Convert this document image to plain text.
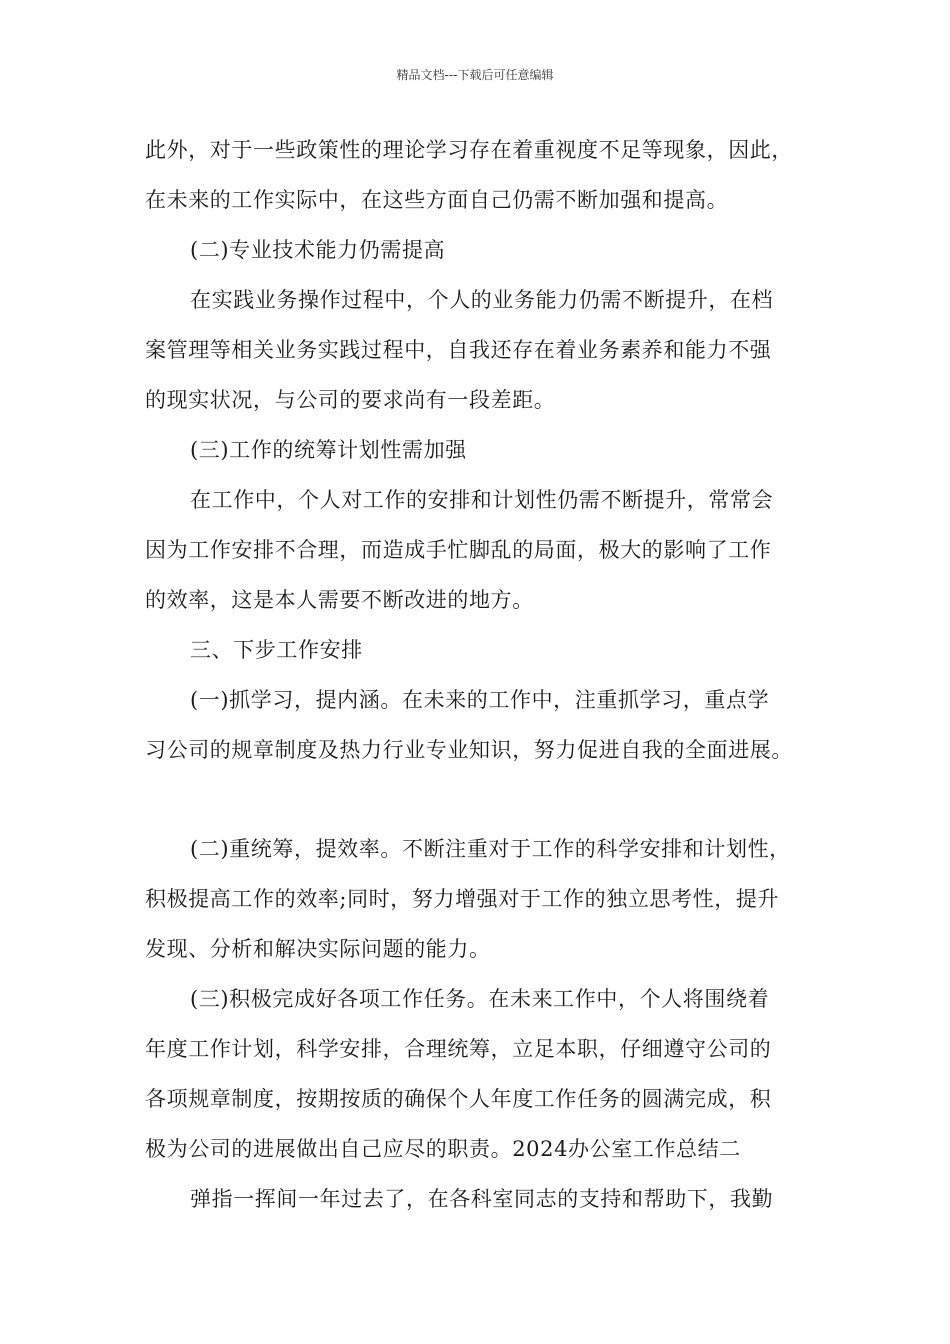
精品文档---下载后可任意编辑
此外，对于一些政策性的理论学习存在着重视度不足等现象，因此，
在未来的工作实际中，在这些方面自己仍需不断加强和提高。
(二)专业技术能力仍需提高
在实践业务操作过程中，个人的业务能力仍需不断提升，在档
案管理等相关业务实践过程中，自我还存在着业务素养和能力不强
的现实状况，与公司的要求尚有一段差距。
(三)工作的统筹计划性需加强
在工作中，个人对工作的安排和计划性仍需不断提升，常常会
因为工作安排不合理，而造成手忙脚乱的局面，极大的影响了工作
的效率，这是本人需要不断改进的地方。
三、下步工作安排
(一)抓学习，提内涵。在未来的工作中，注重抓学习，重点学
习公司的规章制度及热力行业专业知识，努力促进自我的全面进展。
(二)重统筹，提效率。不断注重对于工作的科学安排和计划性，
积极提高工作的效率;同时，努力增强对于工作的独立思考性，提升
发现、分析和解决实际问题的能力。
(三)积极完成好各项工作任务。在未来工作中，个人将围绕着
年度工作计划，科学安排，合理统筹，立足本职，仔细遵守公司的
各项规章制度，按期按质的确保个人年度工作任务的圆满完成，积
极为公司的进展做出自己应尽的职责。2024办公室工作总结二
弹指一挥间一年过去了，在各科室同志的支持和帮助下，我勤
